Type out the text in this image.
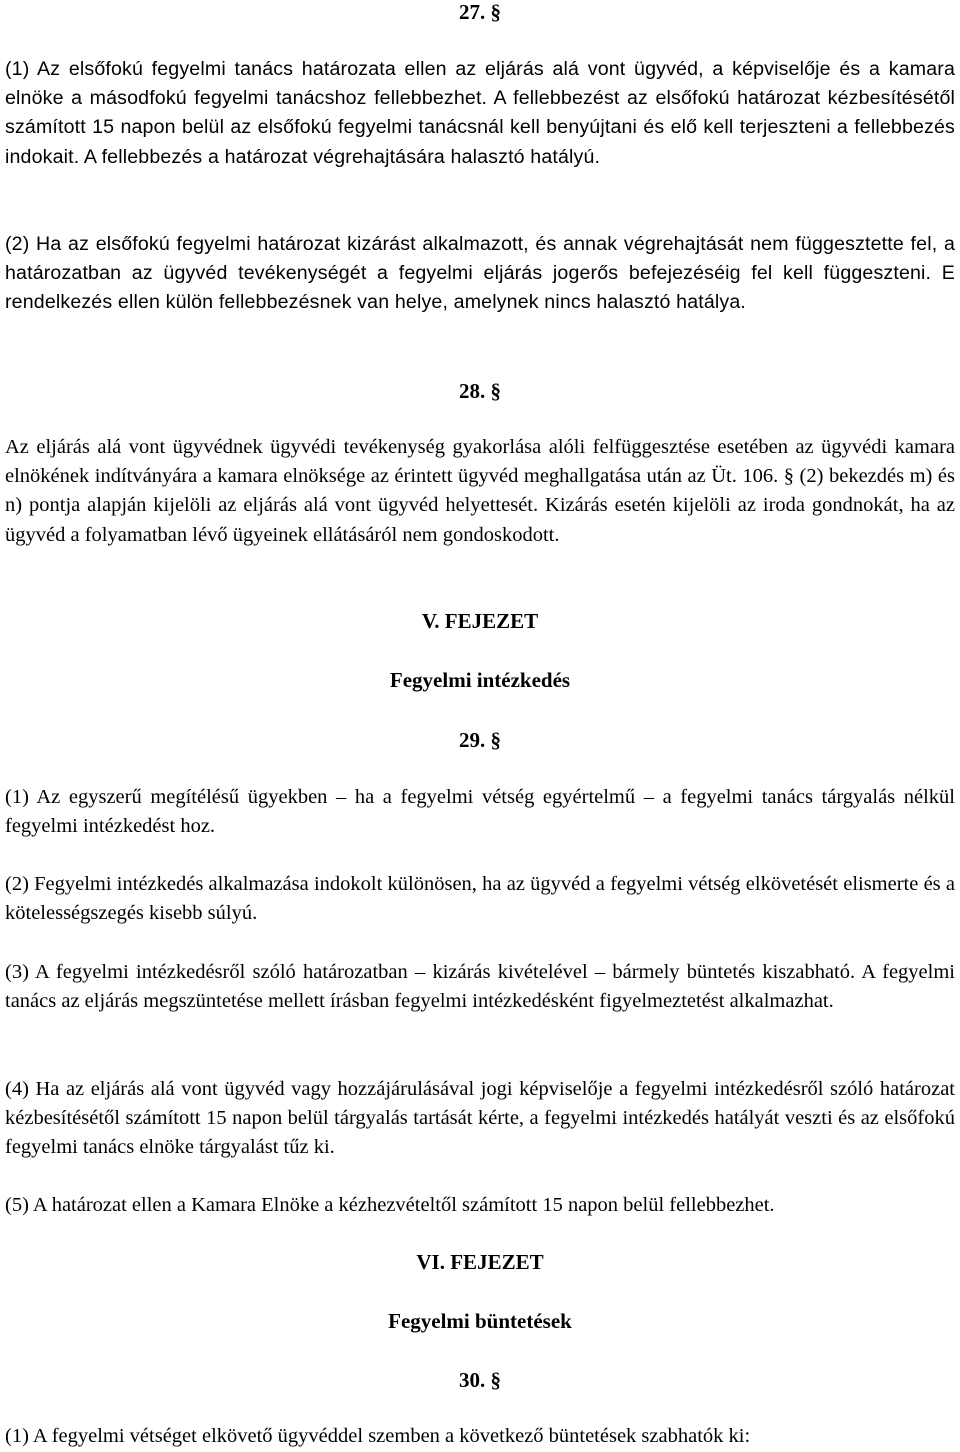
27. §

(1) Az elsőfokú fegyelmi tanács határozata ellen az eljárás alá vont ügyvéd, a képviselője és a kamara elnöke a másodfokú fegyelmi tanácshoz fellebbezhet. A fellebbezést az elsőfokú határozat kézbesítésétől számított 15 napon belül az elsőfokú fegyelmi tanácsnál kell benyújtani és elő kell terjeszteni a fellebbezés indokait. A fellebbezés a határozat végrehajtására halasztó hatályú.

(2) Ha az elsőfokú fegyelmi határozat kizárást alkalmazott, és annak végrehajtását nem függesztette fel, a határozatban az ügyvéd tevékenységét a fegyelmi eljárás jogerős befejezéséig fel kell függeszteni. E rendelkezés ellen külön fellebbezésnek van helye, amelynek nincs halasztó hatálya.

28. §

Az eljárás alá vont ügyvédnek ügyvédi tevékenység gyakorlása alóli felfüggesztése esetében az ügyvédi kamara elnökének indítványára a kamara elnöksége az érintett ügyvéd meghallgatása után az Üt. 106. § (2) bekezdés m) és n) pontja alapján kijelöli az eljárás alá vont ügyvéd helyettesét. Kizárás esetén kijelöli az iroda gondnokát, ha az ügyvéd a folyamatban lévő ügyeinek ellátásáról nem gondoskodott.

V. FEJEZET
Fegyelmi intézkedés
29. §

(1) Az egyszerű megítélésű ügyekben – ha a fegyelmi vétség egyértelmű – a fegyelmi tanács tárgyalás nélkül fegyelmi intézkedést hoz.

(2) Fegyelmi intézkedés alkalmazása indokolt különösen, ha az ügyvéd a fegyelmi vétség elkövetését elismerte és a kötelességszegés kisebb súlyú.

(3) A fegyelmi intézkedésről szóló határozatban – kizárás kivételével – bármely büntetés kiszabható. A fegyelmi tanács az eljárás megszüntetése mellett írásban fegyelmi intézkedésként figyelmeztetést alkalmazhat.

(4) Ha az eljárás alá vont ügyvéd vagy hozzájárulásával jogi képviselője a fegyelmi intézkedésről szóló határozat kézbesítésétől számított 15 napon belül tárgyalás tartását kérte, a fegyelmi intézkedés hatályát veszti és az elsőfokú fegyelmi tanács elnöke tárgyalást tűz ki.

(5) A határozat ellen a Kamara Elnöke a kézhezvételtől számított 15 napon belül fellebbezhet.

VI. FEJEZET
Fegyelmi büntetések
30. §

(1) A fegyelmi vétséget elkövető ügyvéddel szemben a következő büntetések szabhatók ki:
